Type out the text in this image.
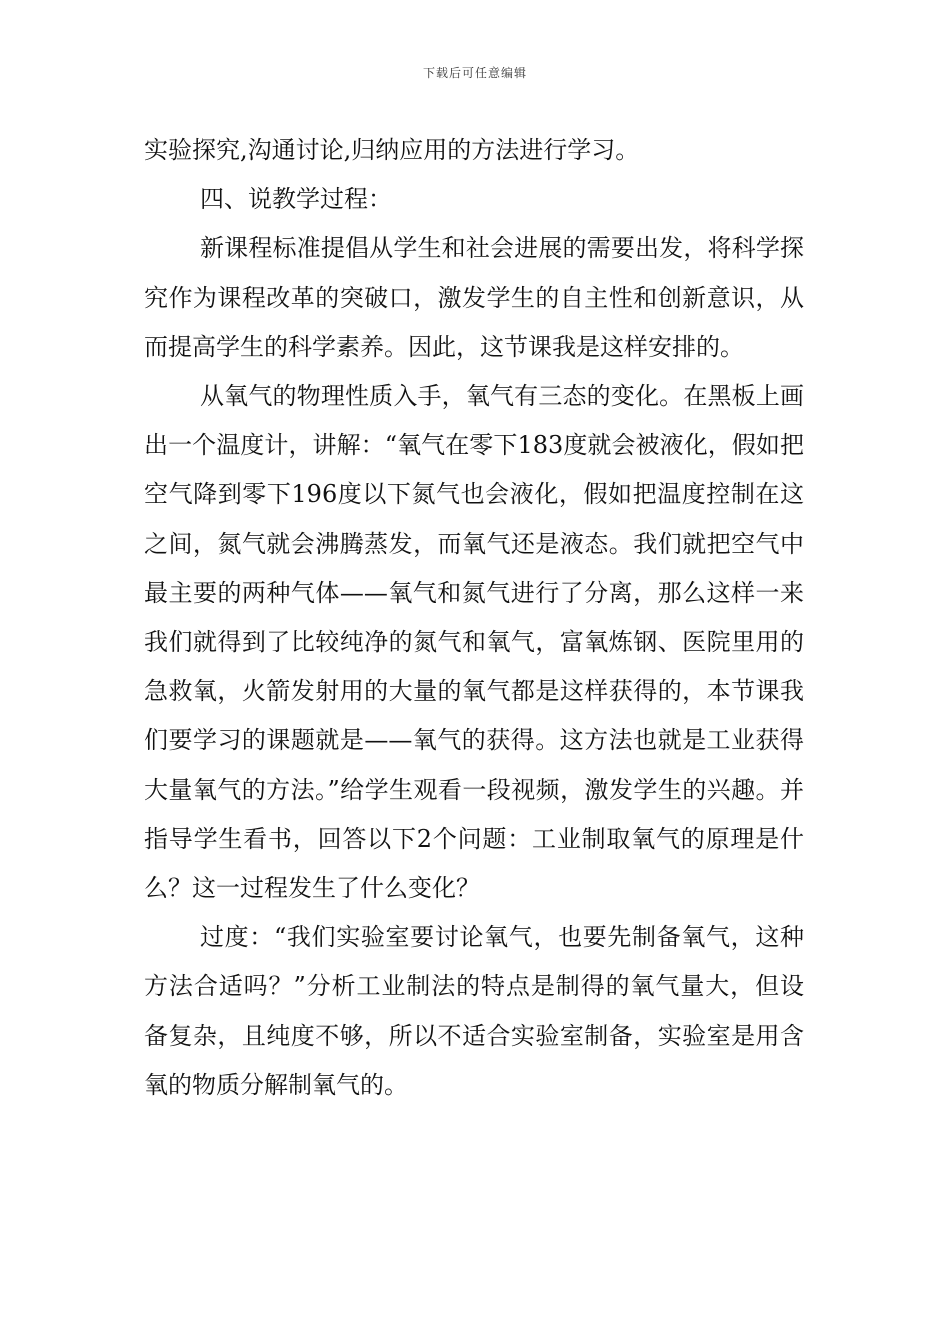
下载后可任意编辑

实验探究,沟通讨论,归纳应用的方法进行学习。

四、说教学过程：

新课程标准提倡从学生和社会进展的需要出发，将科学探究作为课程改革的突破口，激发学生的自主性和创新意识，从而提高学生的科学素养。因此，这节课我是这样安排的。

从氧气的物理性质入手，氧气有三态的变化。在黑板上画出一个温度计，讲解：“氧气在零下183度就会被液化，假如把空气降到零下196度以下氮气也会液化，假如把温度控制在这之间，氮气就会沸腾蒸发，而氧气还是液态。我们就把空气中最主要的两种气体——氧气和氮气进行了分离，那么这样一来我们就得到了比较纯净的氮气和氧气，富氧炼钢、医院里用的急救氧，火箭发射用的大量的氧气都是这样获得的，本节课我们要学习的课题就是——氧气的获得。这方法也就是工业获得大量氧气的方法。”给学生观看一段视频，激发学生的兴趣。并指导学生看书，回答以下2个问题：工业制取氧气的原理是什么？这一过程发生了什么变化？

过度：“我们实验室要讨论氧气，也要先制备氧气，这种方法合适吗？”分析工业制法的特点是制得的氧气量大，但设备复杂，且纯度不够，所以不适合实验室制备，实验室是用含氧的物质分解制氧气的。
